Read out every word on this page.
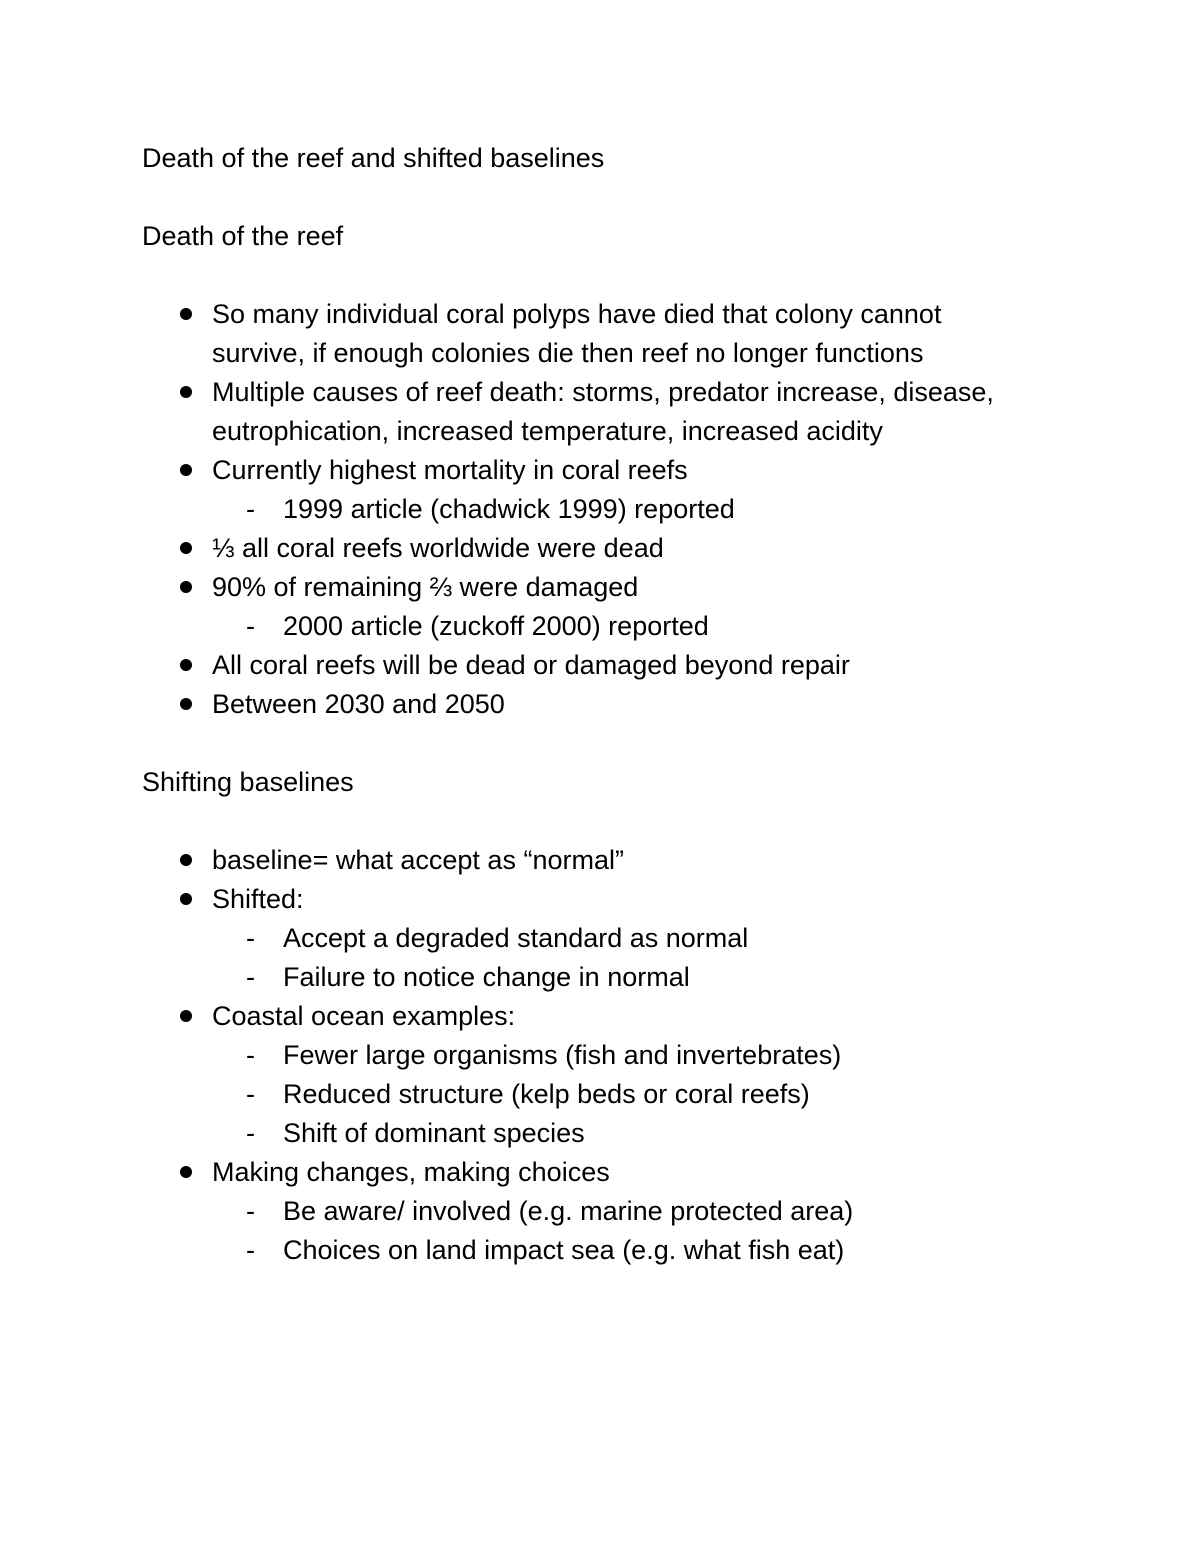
Death of the reef and shifted baselines

Death of the reef

So many individual coral polyps have died that colony cannot survive, if enough colonies die then reef no longer functions
Multiple causes of reef death: storms, predator increase, disease, eutrophication, increased temperature, increased acidity
Currently highest mortality in coral reefs
- 1999 article (chadwick 1999) reported
⅓ all coral reefs worldwide were dead
90% of remaining ⅔ were damaged
- 2000 article (zuckoff 2000) reported
All coral reefs will be dead or damaged beyond repair
Between 2030 and 2050

Shifting baselines

baseline= what accept as “normal”
Shifted:
- Accept a degraded standard as normal
- Failure to notice change in normal
Coastal ocean examples:
- Fewer large organisms (fish and invertebrates)
- Reduced structure (kelp beds or coral reefs)
- Shift of dominant species
Making changes, making choices
- Be aware/ involved (e.g. marine protected area)
- Choices on land impact sea (e.g. what fish eat)
